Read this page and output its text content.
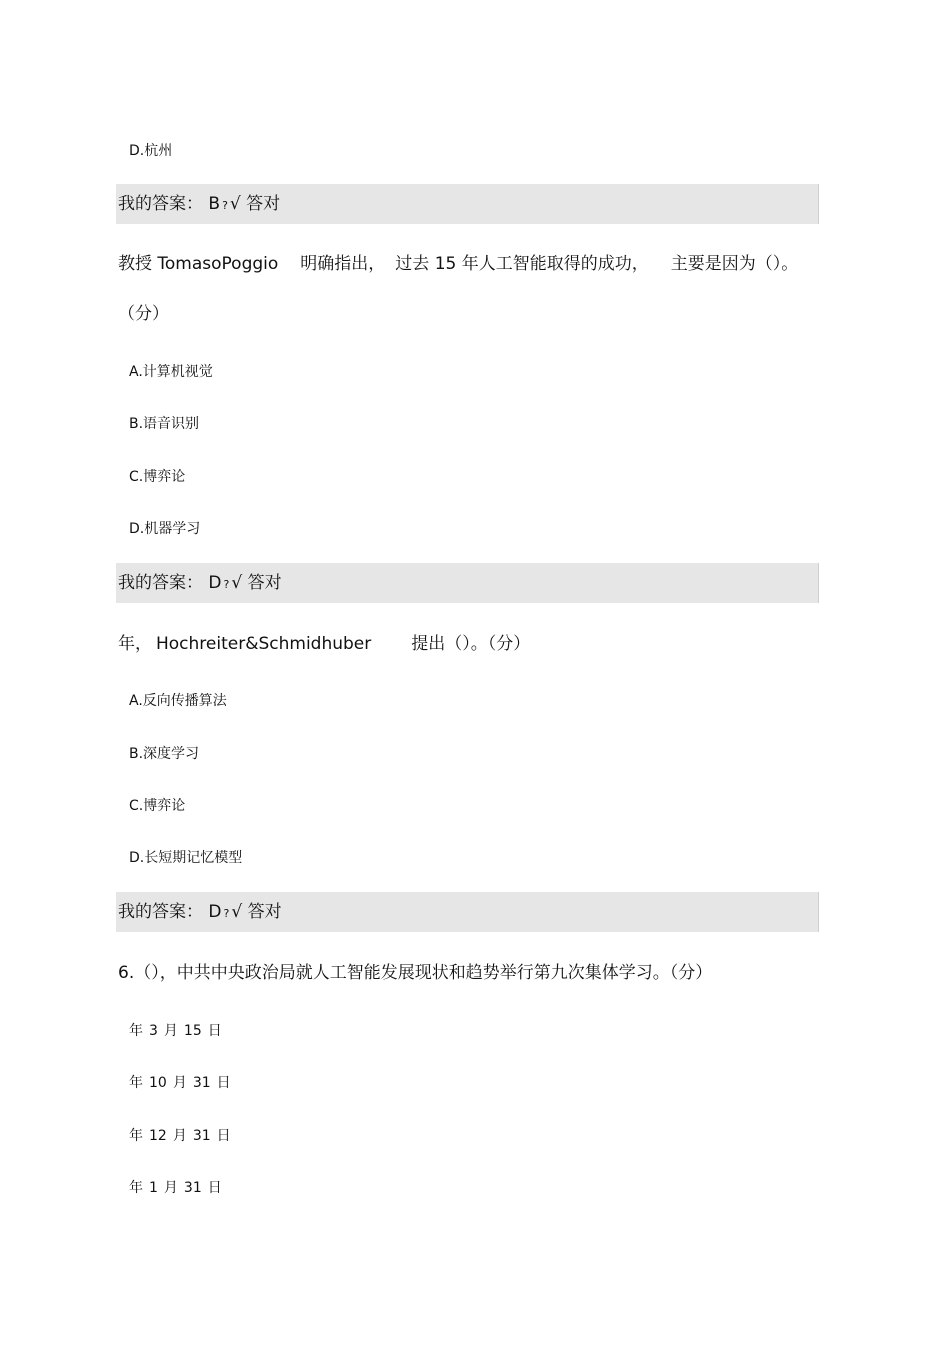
D.杭州
我的答案： B ? √ 答对
教授 TomasoPoggio 明确指出， 过去 15 年人工智能取得的成功， 主要是因为（）。
（分）
A.计算机视觉
B.语音识别
C.博弈论
D.机器学习
我的答案： D ? √ 答对
年， Hochreiter&Schmidhuber 提出（）。（分）
A.反向传播算法
B.深度学习
C.博弈论
D.长短期记忆模型
我的答案： D ? √ 答对
6.（），中共中央政治局就人工智能发展现状和趋势举行第九次集体学习。（分）
年 3 月 15 日
年 10 月 31 日
年 12 月 31 日
年 1 月 31 日
